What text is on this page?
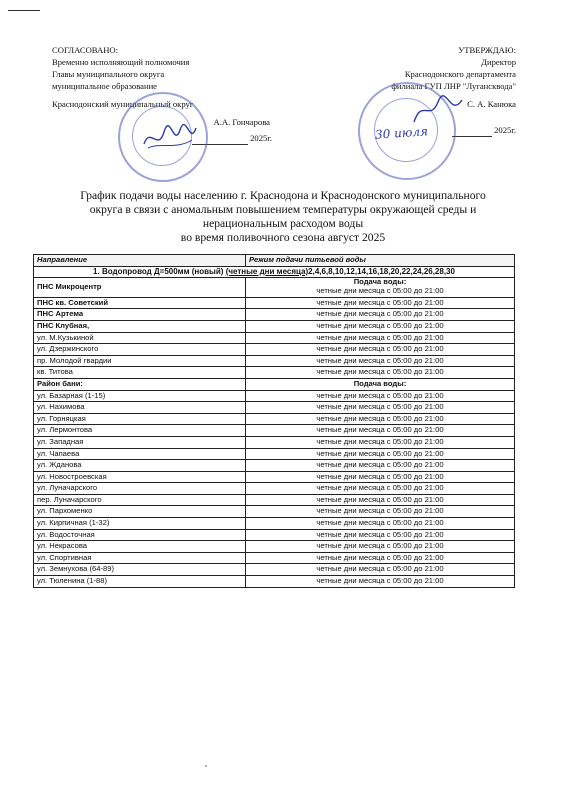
СОГЛАСОВАНО:
Временно исполняющий полномочия
Главы муниципального округа
муниципальное образование
Краснодонский муниципальный округ
А.А. Гончарова
2025г.
УТВЕРЖДАЮ:
Директор
Краснодонского департамента
филиала ГУП ЛНР "Лугансквода"
С. А. Канюка
2025г.
30 июля
График подачи воды населению г. Краснодона и Краснодонского муниципального
округа в связи с аномальным повышением температуры окружающей среды и
нерациональным расходом воды
во время поливочного сезона август 2025
Направление	Режим подачи питьевой воды
1. Водопровод Д=500мм (новый) (четные дни месяца)2,4,6,8,10,12,14,16,18,20,22,24,26,28,30	
ПНС Микроцентр	Подача воды:
четные дни месяца с 05:00 до 21:00
ПНС кв. Советский	четные дни месяца с 05:00 до 21:00
ПНС Артема	четные дни месяца с 05:00 до 21:00
ПНС Клубная,	четные дни месяца с 05:00 до 21:00
ул. М.Кузькиной	четные дни месяца с 05:00 до 21:00
ул. Дзержинского	четные дни месяца с 05:00 до 21:00
пр. Молодой гвардии	четные дни месяца с 05:00 до 21:00
кв. Титова	четные дни месяца с 05:00 до 21:00
Район бани:	Подача воды:

ул. Базарная (1-15)	четные дни месяца с 05:00 до 21:00
ул. Нахимова	четные дни месяца с 05:00 до 21:00
ул. Горняцкая	четные дни месяца с 05:00 до 21:00
ул. Лермонтова	четные дни месяца с 05:00 до 21:00
ул. Западная	четные дни месяца с 05:00 до 21:00
ул. Чапаева	четные дни месяца с 05:00 до 21:00
ул. Жданова	четные дни месяца с 05:00 до 21:00
ул. Новостроевская	четные дни месяца с 05:00 до 21:00
ул. Луначарского	четные дни месяца с 05:00 до 21:00
пер. Луначарского	четные дни месяца с 05:00 до 21:00
ул. Пархоменко	четные дни месяца с 05:00 до 21:00
ул. Кирпичная (1-32)	четные дни месяца с 05:00 до 21:00
ул. Водосточная	четные дни месяца с 05:00 до 21:00
ул. Некрасова	четные дни месяца с 05:00 до 21:00
ул. Спортивная	четные дни месяца с 05:00 до 21:00
ул. Земнухова (64-89)	четные дни месяца с 05:00 до 21:00
ул. Тюленина (1-88)	четные дни месяца с 05:00 до 21:00
